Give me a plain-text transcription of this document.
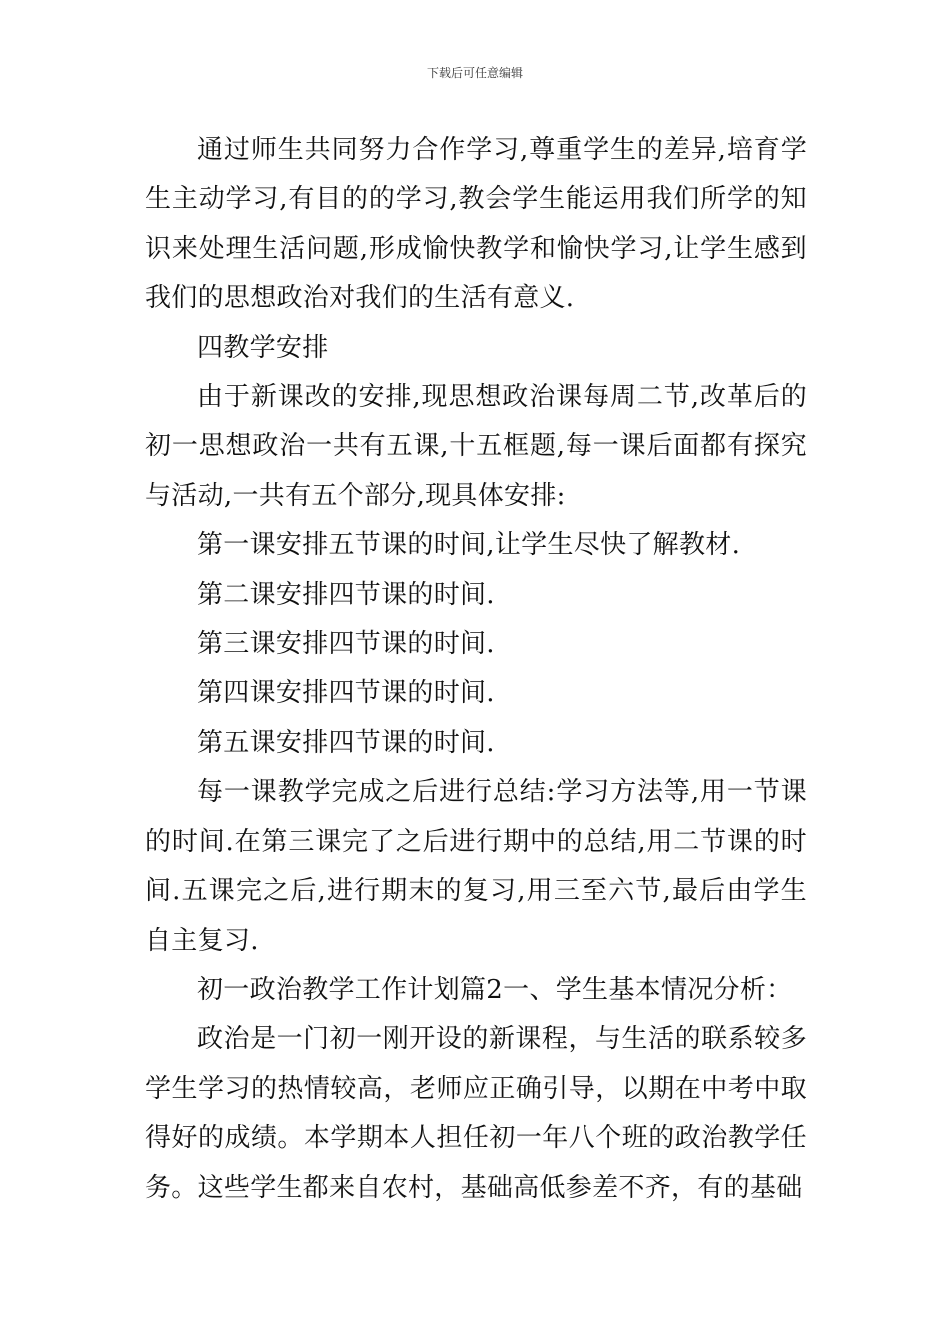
下载后可任意编辑

通过师生共同努力合作学习,尊重学生的差异,培育学生主动学习,有目的的学习,教会学生能运用我们所学的知识来处理生活问题,形成愉快教学和愉快学习,让学生感到我们的思想政治对我们的生活有意义.

四教学安排

由于新课改的安排,现思想政治课每周二节,改革后的初一思想政治一共有五课,十五框题,每一课后面都有探究与活动,一共有五个部分,现具体安排:

第一课安排五节课的时间,让学生尽快了解教材.

第二课安排四节课的时间.

第三课安排四节课的时间.

第四课安排四节课的时间.

第五课安排四节课的时间.

每一课教学完成之后进行总结:学习方法等,用一节课的时间.在第三课完了之后进行期中的总结,用二节课的时间.五课完之后,进行期末的复习,用三至六节,最后由学生自主复习.

初一政治教学工作计划篇2一、学生基本情况分析：

政治是一门初一刚开设的新课程，与生活的联系较多学生学习的热情较高，老师应正确引导，以期在中考中取得好的成绩。本学期本人担任初一年八个班的政治教学任务。这些学生都来自农村，基础高低参差不齐，有的基础
